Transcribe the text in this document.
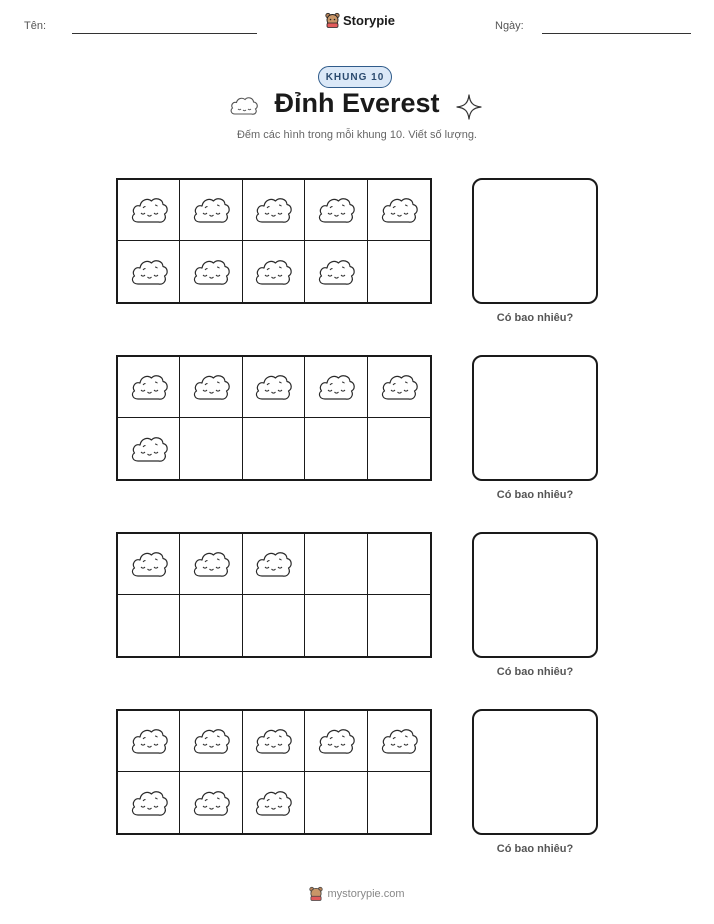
Tên:	Storypie	Ngày:
KHUNG 10
Đỉnh Everest
Đếm các hình trong mỗi khung 10. Viết số lượng.
Có bao nhiêu?
Có bao nhiêu?
Có bao nhiêu?
Có bao nhiêu?
mystorypie.com
